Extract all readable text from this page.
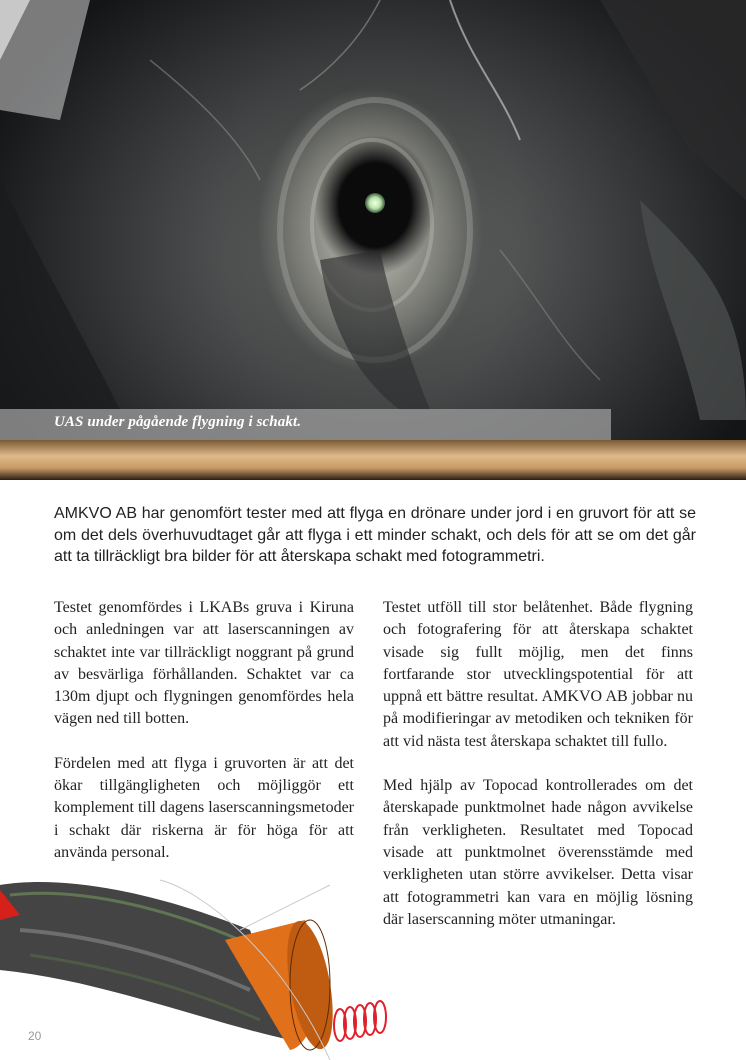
UAS under pågående flygning i schakt.

AMKVO AB har genomfört tester med att flyga en drönare under jord i en gruvort för att se om det dels överhuvudtaget går att flyga i ett minder schakt, och dels för att se om det går att ta tillräckligt bra bilder för att återskapa schakt med fotogrammetri.

Testet genomfördes i LKABs gruva i Kiruna och anledningen var att laserscanningen av schaktet inte var tillräckligt noggrant på grund av besvärliga förhållanden. Schaktet var ca 130m djupt och flygningen genomfördes hela vägen ned till botten.

Fördelen med att flyga i gruvorten är att det ökar tillgängligheten och möjliggör ett komplement till dagens laserscanningsmetoder i schakt där riskerna är för höga för att använda personal.

Testet utföll till stor belåtenhet. Både flygning och fotografering för att återskapa schaktet visade sig fullt möjlig, men det finns fortfarande stor utvecklingspotential för att uppnå ett bättre resultat. AMKVO AB jobbar nu på modifieringar av metodiken och tekniken för att vid nästa test återskapa schaktet till fullo.

Med hjälp av Topocad kontrollerades om det återskapade punktmolnet hade någon avvikelse från verkligheten. Resultatet med Topocad visade att punktmolnet överensstämde med verkligheten utan större avvikelser. Detta visar att fotogrammetri kan vara en möjlig lösning där laserscanning möter utmaningar.

20
